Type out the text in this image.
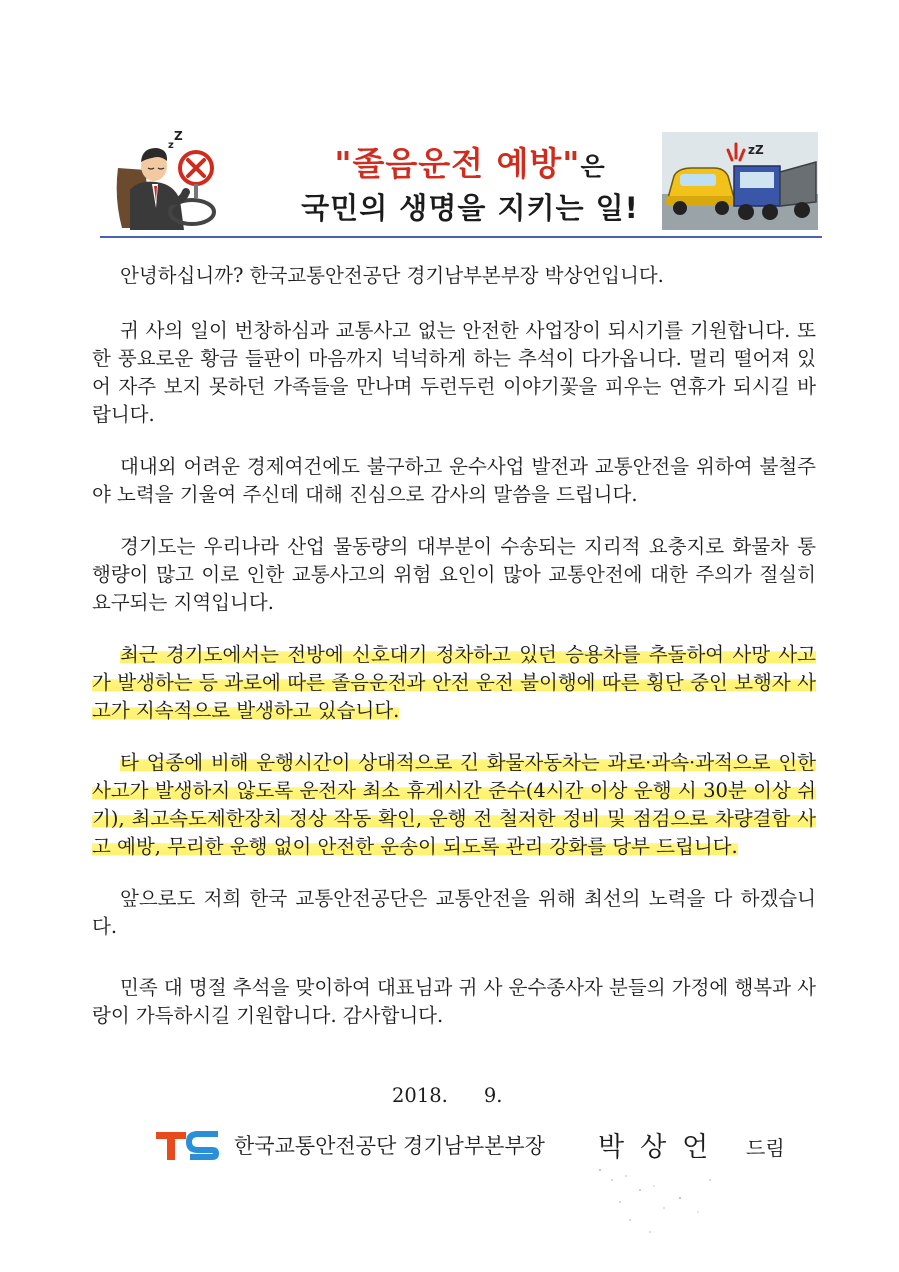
z
Z
"졸음운전 예방"은
국민의 생명을 지키는 일!
zZ

안녕하십니까? 한국교통안전공단 경기남부본부장 박상언입니다.

귀 사의 일이 번창하심과 교통사고 없는 안전한 사업장이 되시기를 기원합니다. 또한 풍요로운 황금 들판이 마음까지 넉넉하게 하는 추석이 다가옵니다. 멀리 떨어져 있어 자주 보지 못하던 가족들을 만나며 두런두런 이야기꽃을 피우는 연휴가 되시길 바랍니다.

대내외 어려운 경제여건에도 불구하고 운수사업 발전과 교통안전을 위하여 불철주야 노력을 기울여 주신데 대해 진심으로 감사의 말씀을 드립니다.

경기도는 우리나라 산업 물동량의 대부분이 수송되는 지리적 요충지로 화물차 통행량이 많고 이로 인한 교통사고의 위험 요인이 많아 교통안전에 대한 주의가 절실히 요구되는 지역입니다.

최근 경기도에서는 전방에 신호대기 정차하고 있던 승용차를 추돌하여 사망 사고가 발생하는 등 과로에 따른 졸음운전과 안전 운전 불이행에 따른 횡단 중인 보행자 사고가 지속적으로 발생하고 있습니다.

타 업종에 비해 운행시간이 상대적으로 긴 화물자동차는 과로·과속·과적으로 인한 사고가 발생하지 않도록 운전자 최소 휴게시간 준수(4시간 이상 운행 시 30분 이상 쉬기), 최고속도제한장치 정상 작동 확인, 운행 전 철저한 정비 및 점검으로 차량결함 사고 예방, 무리한 운행 없이 안전한 운송이 되도록 관리 강화를 당부 드립니다.

앞으로도 저희 한국 교통안전공단은 교통안전을 위해 최선의 노력을 다 하겠습니다.

민족 대 명절 추석을 맞이하여 대표님과 귀 사 운수종사자 분들의 가정에 행복과 사랑이 가득하시길 기원합니다. 감사합니다.

2018. 9.
한국교통안전공단 경기남부본부장 박상언 드림
